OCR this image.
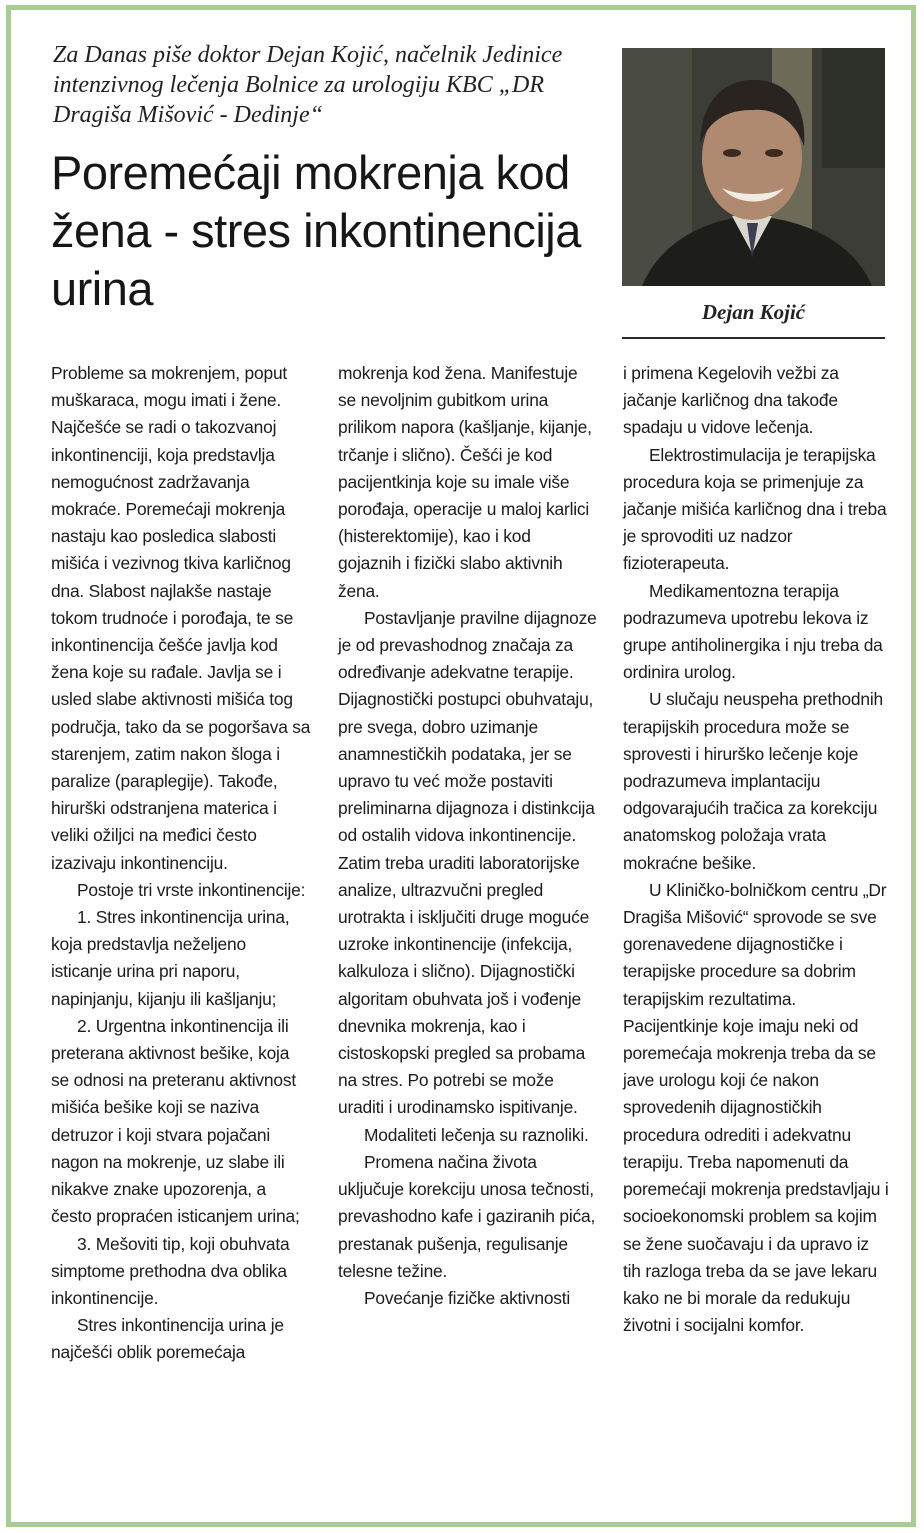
Za Danas piše doktor Dejan Kojić, načelnik Jedinice intenzivnog lečenja Bolnice za urologiju KBC „DR Dragiša Mišović - Dedinje“

Poremećaji mokrenja kod žena - stres inkontinencija urina	Dejan Kojić

Probleme sa mokrenjem, poput muškaraca, mogu imati i žene. Najčešće se radi o takozvanoj inkontinenciji, koja predstavlja nemogućnost zadržavanja mokraće. Poremećaji mokrenja nastaju kao posledica slabosti mišića i vezivnog tkiva karličnog dna. Slabost najlakše nastaje tokom trudnoće i porođaja, te se inkontinencija češće javlja kod žena koje su rađale. Javlja se i usled slabe aktivnosti mišića tog područja, tako da se pogoršava sa starenjem, zatim nakon šloga i paralize (paraplegije). Takođe, hirurški odstranjena materica i veliki ožiljci na međici često izazivaju inkontinenciju.

Postoje tri vrste inkontinencije:

1. Stres inkontinencija urina, koja predstavlja neželjeno isticanje urina pri naporu, napinjanju, kijanju ili kašljanju;

2. Urgentna inkontinencija ili preterana aktivnost bešike, koja se odnosi na preteranu aktivnost mišića bešike koji se naziva detruzor i koji stvara pojačani nagon na mokrenje, uz slabe ili nikakve znake upozorenja, a često propraćen isticanjem urina;

3. Mešoviti tip, koji obuhvata simptome prethodna dva oblika inkontinencije.

Stres inkontinencija urina je najčešći oblik poremećaja

mokrenja kod žena. Manifestuje se nevoljnim gubitkom urina prilikom napora (kašljanje, kijanje, trčanje i slično). Češći je kod pacijentkinja koje su imale više porođaja, operacije u maloj karlici (histerektomije), kao i kod gojaznih i fizički slabo aktivnih žena.

Postavljanje pravilne dijagnoze je od prevashodnog značaja za određivanje adekvatne terapije. Dijagnostički postupci obuhvataju, pre svega, dobro uzimanje anamnestičkih podataka, jer se upravo tu već može postaviti preliminarna dijagnoza i distinkcija od ostalih vidova inkontinencije. Zatim treba uraditi laboratorijske analize, ultrazvučni pregled urotrakta i isključiti druge moguće uzroke inkontinencije (infekcija, kalkuloza i slično). Dijagnostički algoritam obuhvata još i vođenje dnevnika mokrenja, kao i cistoskopski pregled sa probama na stres. Po potrebi se može uraditi i urodinamsko ispitivanje.

Modaliteti lečenja su raznoliki.

Promena načina života uključuje korekciju unosa tečnosti, prevashodno kafe i gaziranih pića, prestanak pušenja, regulisanje telesne težine.

Povećanje fizičke aktivnosti

i primena Kegelovih vežbi za jačanje karličnog dna takođe spadaju u vidove lečenja.

Elektrostimulacija je terapijska procedura koja se primenjuje za jačanje mišića karličnog dna i treba je sprovoditi uz nadzor fizioterapeuta.

Medikamentozna terapija podrazumeva upotrebu lekova iz grupe antiholinergika i nju treba da ordinira urolog.

U slučaju neuspeha prethodnih terapijskih procedura može se sprovesti i hirurško lečenje koje podrazumeva implantaciju odgovarajućih tračica za korekciju anatomskog položaja vrata mokraćne bešike.

U Kliničko-bolničkom centru „Dr Dragiša Mišović“ sprovode se sve gorenavedene dijagnostičke i terapijske procedure sa dobrim terapijskim rezultatima. Pacijentkinje koje imaju neki od poremećaja mokrenja treba da se jave urologu koji će nakon sprovedenih dijagnostičkih procedura odrediti i adekvatnu terapiju. Treba napomenuti da poremećaji mokrenja predstavljaju i socioekonomski problem sa kojim se žene suočavaju i da upravo iz tih razloga treba da se jave lekaru kako ne bi morale da redukuju životni i socijalni komfor.
